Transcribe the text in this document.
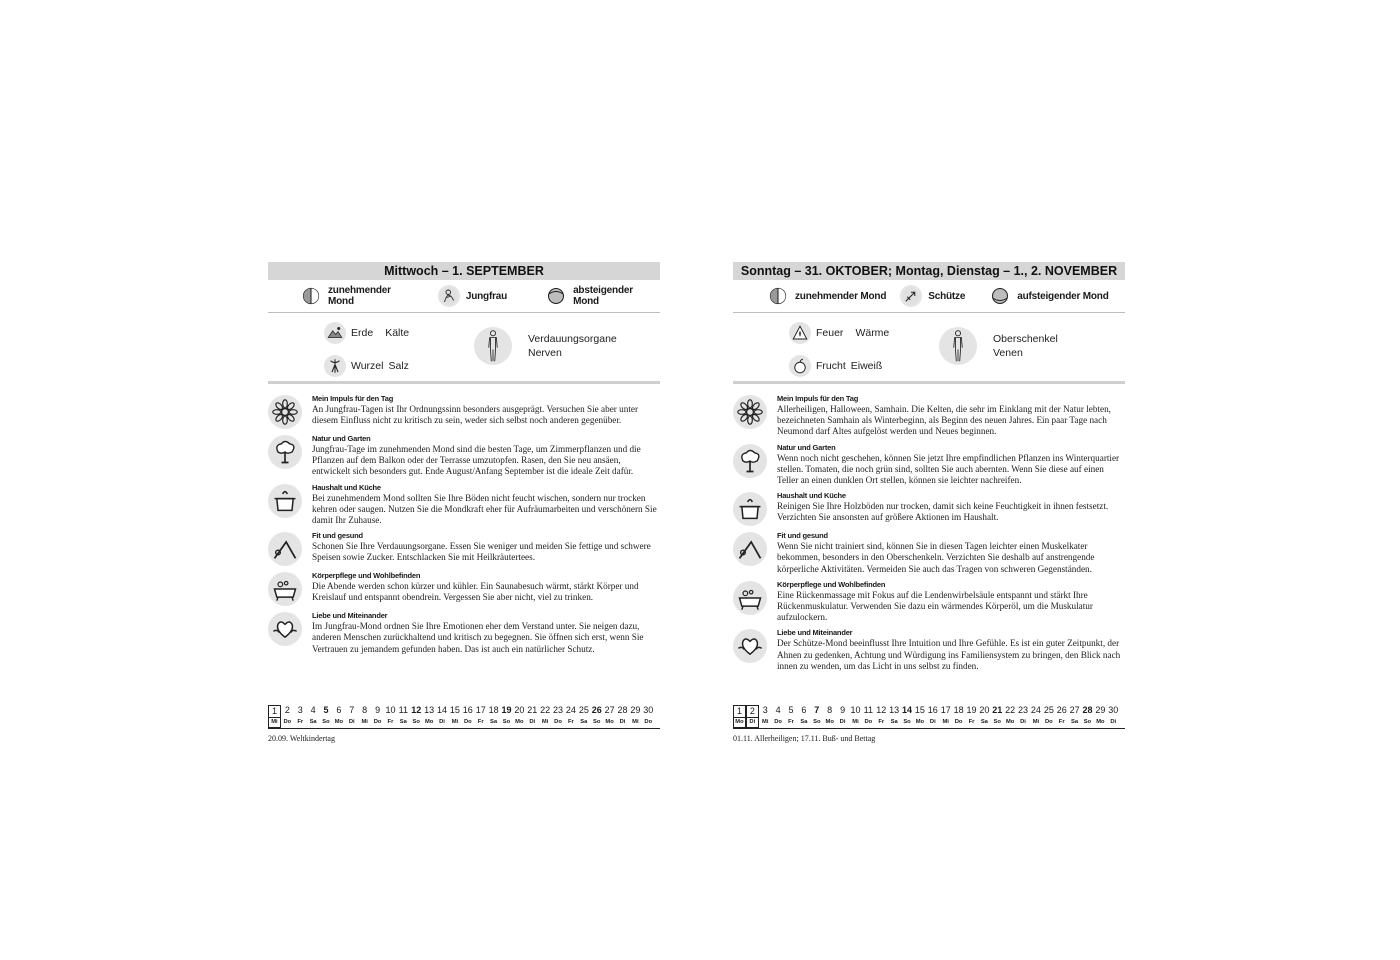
Mittwoch – 1. SEPTEMBER
zunehmender Mond	Jungfrau	absteigender Mond
Erde Kälte
Wurzel Salz
Verdauungsorgane
Nerven
Mein Impuls für den Tag
An Jungfrau-Tagen ist Ihr Ordnungssinn besonders ausgeprägt. Versuchen Sie aber unter diesem Einfluss nicht zu kritisch zu sein, weder sich selbst noch anderen gegenüber.
Natur und Garten
Jungfrau-Tage im zunehmenden Mond sind die besten Tage, um Zimmerpflanzen und die Pflanzen auf dem Balkon oder der Terrasse umzutopfen. Rasen, den Sie neu ansäen, entwickelt sich besonders gut. Ende August/Anfang September ist die ideale Zeit dafür.
Haushalt und Küche
Bei zunehmendem Mond sollten Sie Ihre Böden nicht feucht wischen, sondern nur trocken kehren oder saugen. Nutzen Sie die Mondkraft eher für Aufräumarbeiten und verschönern Sie damit Ihr Zuhause.
Fit und gesund
Schonen Sie Ihre Verdauungsorgane. Essen Sie weniger und meiden Sie fettige und schwere Speisen sowie Zucker. Entschlacken Sie mit Heilkräutertees.
Körperpflege und Wohlbefinden
Die Abende werden schon kürzer und kühler. Ein Saunabesuch wärmt, stärkt Körper und Kreislauf und entspannt obendrein. Vergessen Sie aber nicht, viel zu trinken.
Liebe und Miteinander
Im Jungfrau-Mond ordnen Sie Ihre Emotionen eher dem Verstand unter. Sie neigen dazu, anderen Menschen zurückhaltend und kritisch zu begegnen. Sie öffnen sich erst, wenn Sie Vertrauen zu jemandem gefunden haben. Das ist auch ein natürlicher Schutz.
1 2 3 4 5 6 7 8 9 10 11 12 13 14 15 16 17 18 19 20 21 22 23 24 25 26 27 28 29 30
Mi Do	Fr	Sa So Mo Di	Mi Do	Fr	Sa So Mo Di	Mi Do	Fr	Sa So Mo Di	Mi Do	Fr	Sa So Mo Di	Mi Do
20.09. Weltkindertag
Sonntag – 31. OKTOBER; Montag, Dienstag – 1., 2. NOVEMBER
zunehmender Mond	Schütze	aufsteigender Mond
Feuer Wärme
Frucht Eiweiß
Oberschenkel
Venen
Mein Impuls für den Tag
Allerheiligen, Halloween, Samhain. Die Kelten, die sehr im Einklang mit der Natur lebten, bezeichneten Samhain als Winterbeginn, als Beginn des neuen Jahres. Ein paar Tage nach Neumond darf Altes aufgelöst werden und Neues beginnen.
Natur und Garten
Wenn noch nicht geschehen, können Sie jetzt Ihre empfindlichen Pflanzen ins Winterquartier stellen. Tomaten, die noch grün sind, sollten Sie auch abernten. Wenn Sie diese auf einen Teller an einen dunklen Ort stellen, können sie leichter nachreifen.
Haushalt und Küche
Reinigen Sie Ihre Holzböden nur trocken, damit sich keine Feuchtigkeit in ihnen festsetzt. Verzichten Sie ansonsten auf größere Aktionen im Haushalt.
Fit und gesund
Wenn Sie nicht trainiert sind, können Sie in diesen Tagen leichter einen Muskelkater bekommen, besonders in den Oberschenkeln. Verzichten Sie deshalb auf anstrengende körperliche Aktivitäten. Vermeiden Sie auch das Tragen von schweren Gegenständen.
Körperpflege und Wohlbefinden
Eine Rückenmassage mit Fokus auf die Lendenwirbelsäule entspannt und stärkt Ihre Rückenmuskulatur. Verwenden Sie dazu ein wärmendes Körperöl, um die Muskulatur aufzulockern.
Liebe und Miteinander
Der Schütze-Mond beeinflusst Ihre Intuition und Ihre Gefühle. Es ist ein guter Zeitpunkt, der Ahnen zu gedenken, Achtung und Würdigung ins Familiensystem zu bringen, den Blick nach innen zu wenden, um das Licht in uns selbst zu finden.
1 2 3 4 5 6 7 8 9 10 11 12 13 14 15 16 17 18 19 20 21 22 23 24 25 26 27 28 29 30
Mo Di	Mi Do	Fr	Sa So Mo Di	Mi Do	Fr	Sa So Mo Di	Mi Do	Fr	Sa So Mo Di	Mi Do	Fr	Sa So Mo Di
01.11. Allerheiligen; 17.11. Buß- und Bettag
